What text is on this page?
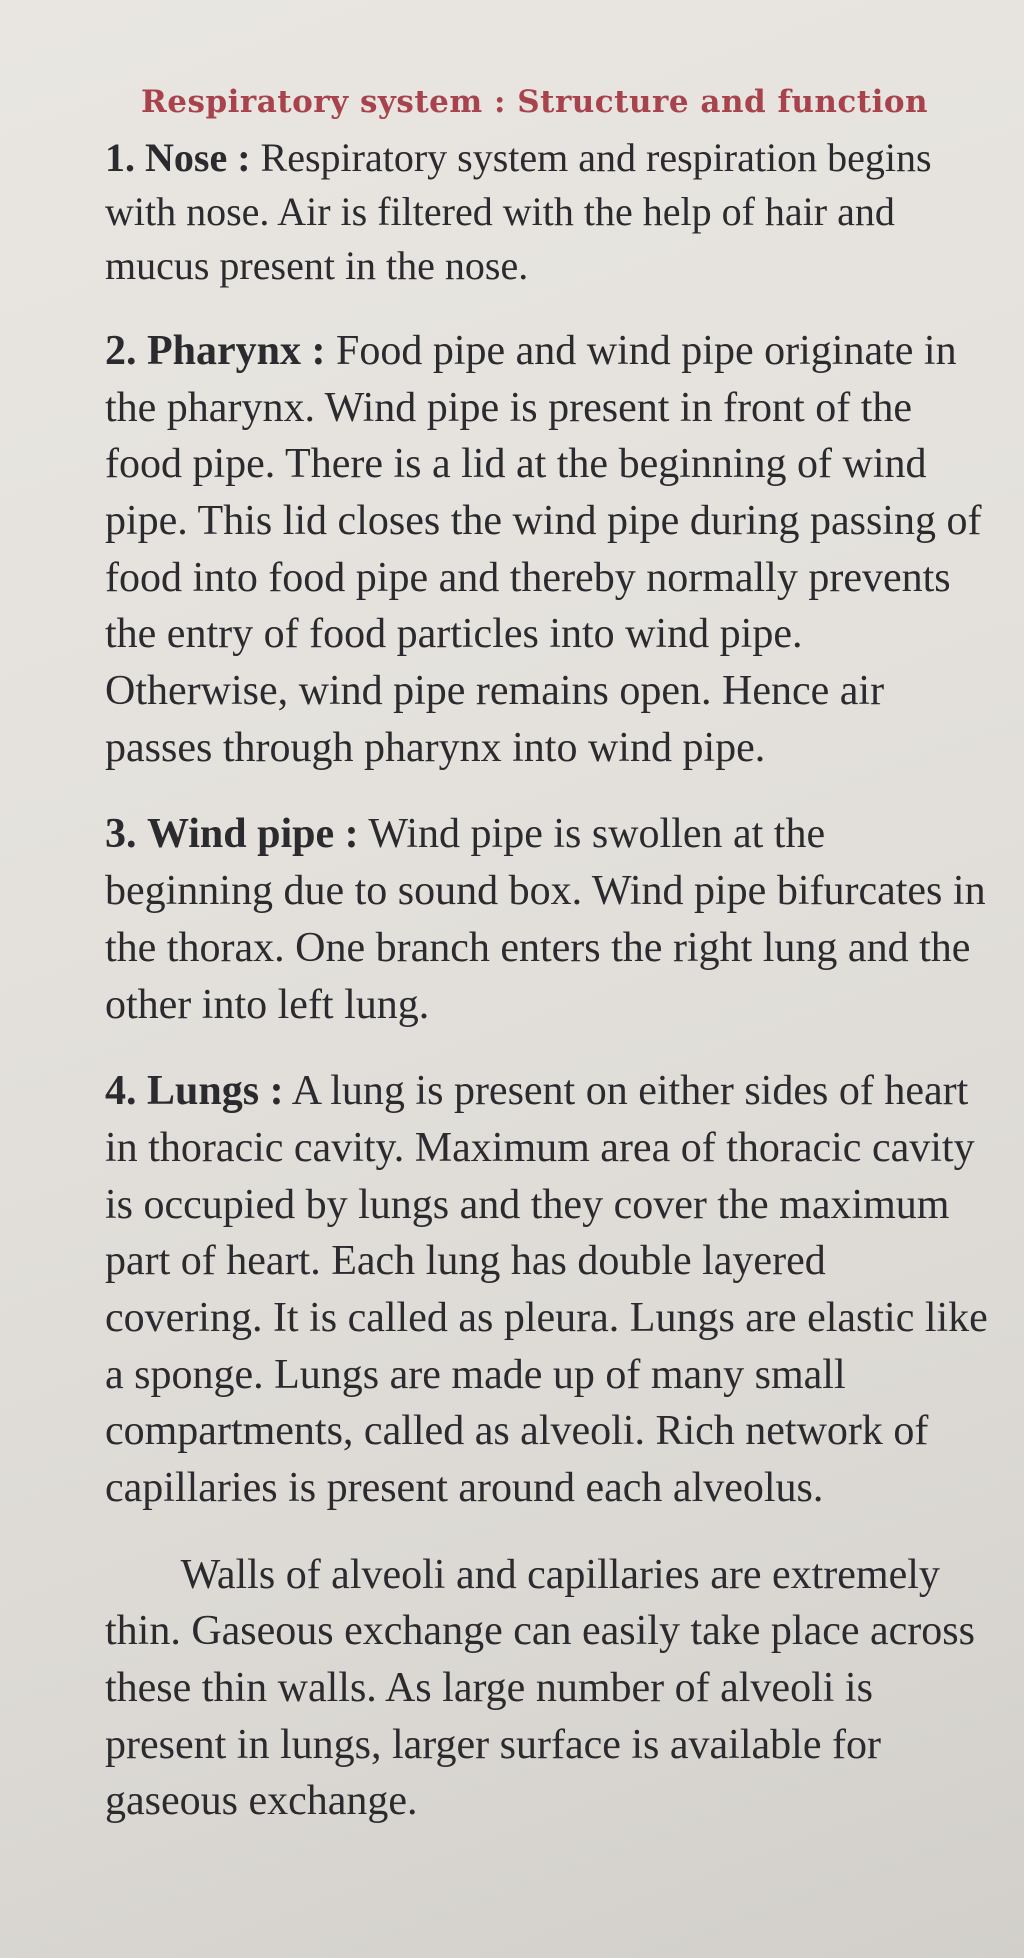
Respiratory system : Structure and function

1. Nose : Respiratory system and respiration begins with nose. Air is filtered with the help of hair and mucus present in the nose.

2. Pharynx : Food pipe and wind pipe originate in the pharynx. Wind pipe is present in front of the food pipe. There is a lid at the beginning of wind pipe. This lid closes the wind pipe during passing of food into food pipe and thereby normally prevents the entry of food particles into wind pipe. Otherwise, wind pipe remains open. Hence air passes through pharynx into wind pipe.

3. Wind pipe : Wind pipe is swollen at the beginning due to sound box. Wind pipe bifurcates in the thorax. One branch enters the right lung and the other into left lung.

4. Lungs : A lung is present on either sides of heart in thoracic cavity. Maximum area of thoracic cavity is occupied by lungs and they cover the maximum part of heart. Each lung has double layered covering. It is called as pleura. Lungs are elastic like a sponge. Lungs are made up of many small compartments, called as alveoli. Rich network of capillaries is present around each alveolus.

Walls of alveoli and capillaries are extremely thin. Gaseous exchange can easily take place across these thin walls. As large number of alveoli is present in lungs, larger surface is available for gaseous exchange.
